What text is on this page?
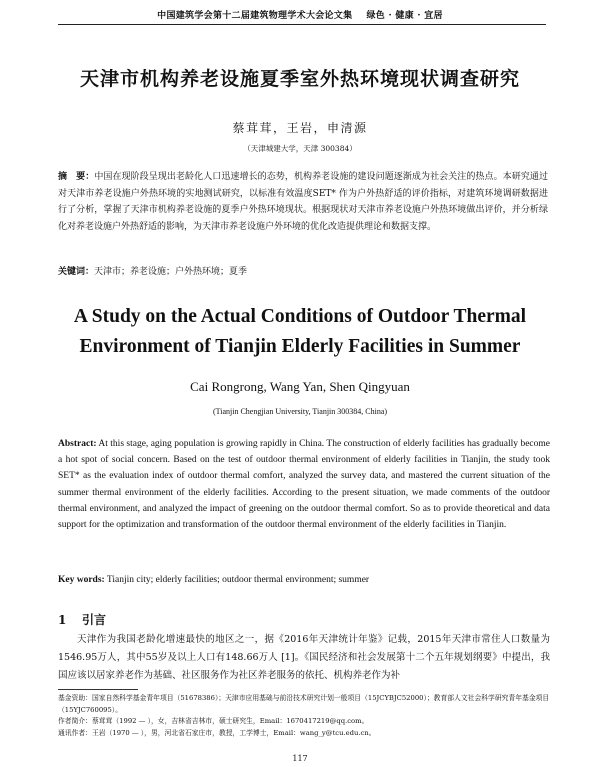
中国建筑学会第十二届建筑物理学术大会论文集 绿色 · 健康 · 宜居
天津市机构养老设施夏季室外热环境现状调查研究
蔡茸茸，王岩，申清源
（天津城建大学，天津 300384）
摘　要：中国在现阶段呈现出老龄化人口迅速增长的态势，机构养老设施的建设问题逐渐成为社会关注的热点。本研究通过对天津市养老设施户外热环境的实地测试研究，以标准有效温度SET* 作为户外热舒适的评价指标，对建筑环境调研数据进行了分析，掌握了天津市机构养老设施的夏季户外热环境现状。根据现状对天津市养老设施户外热环境做出评价，并分析绿化对养老设施户外热舒适的影响，为天津市养老设施户外环境的优化改造提供理论和数据支撑。
关键词：天津市；养老设施；户外热环境；夏季
A Study on the Actual Conditions of Outdoor Thermal
Environment of Tianjin Elderly Facilities in Summer
Cai Rongrong, Wang Yan, Shen Qingyuan
(Tianjin Chengjian University, Tianjin 300384, China)
Abstract: At this stage, aging population is growing rapidly in China. The construction of elderly facilities has gradually become a hot spot of social concern. Based on the test of outdoor thermal environment of elderly facilities in Tianjin, the study took SET* as the evaluation index of outdoor thermal comfort, analyzed the survey data, and mastered the current situation of the summer thermal environment of the elderly facilities. According to the present situation, we made comments of the outdoor thermal environment, and analyzed the impact of greening on the outdoor thermal comfort. So as to provide theoretical and data support for the optimization and transformation of the outdoor thermal environment of the elderly facilities in Tianjin.
Key words: Tianjin city; elderly facilities; outdoor thermal environment; summer
1 引言
天津作为我国老龄化增速最快的地区之一，据《2016年天津统计年鉴》记载，2015年天津市常住人口数量为1546.95万人，其中55岁及以上人口有148.66万人 [1]。《国民经济和社会发展第十二个五年规划纲要》中提出，我国应该以居家养老作为基础、社区服务作为社区养老服务的依托、机构养老作为补

基金资助：国家自然科学基金青年项目（51678386）；天津市应用基础与前沿技术研究计划一般项目（15JCYBJC52000）；教育部人文社会科学研究青年基金项目（15YJC760095）。

作者简介：蔡茸茸（1992 — ），女，吉林省吉林市，硕士研究生，Email：1670417219@qq.com。

通讯作者：王岩（1970 — ），男，河北省石家庄市，教授，工学博士，Email：wang_y@tcu.edu.cn。

117
